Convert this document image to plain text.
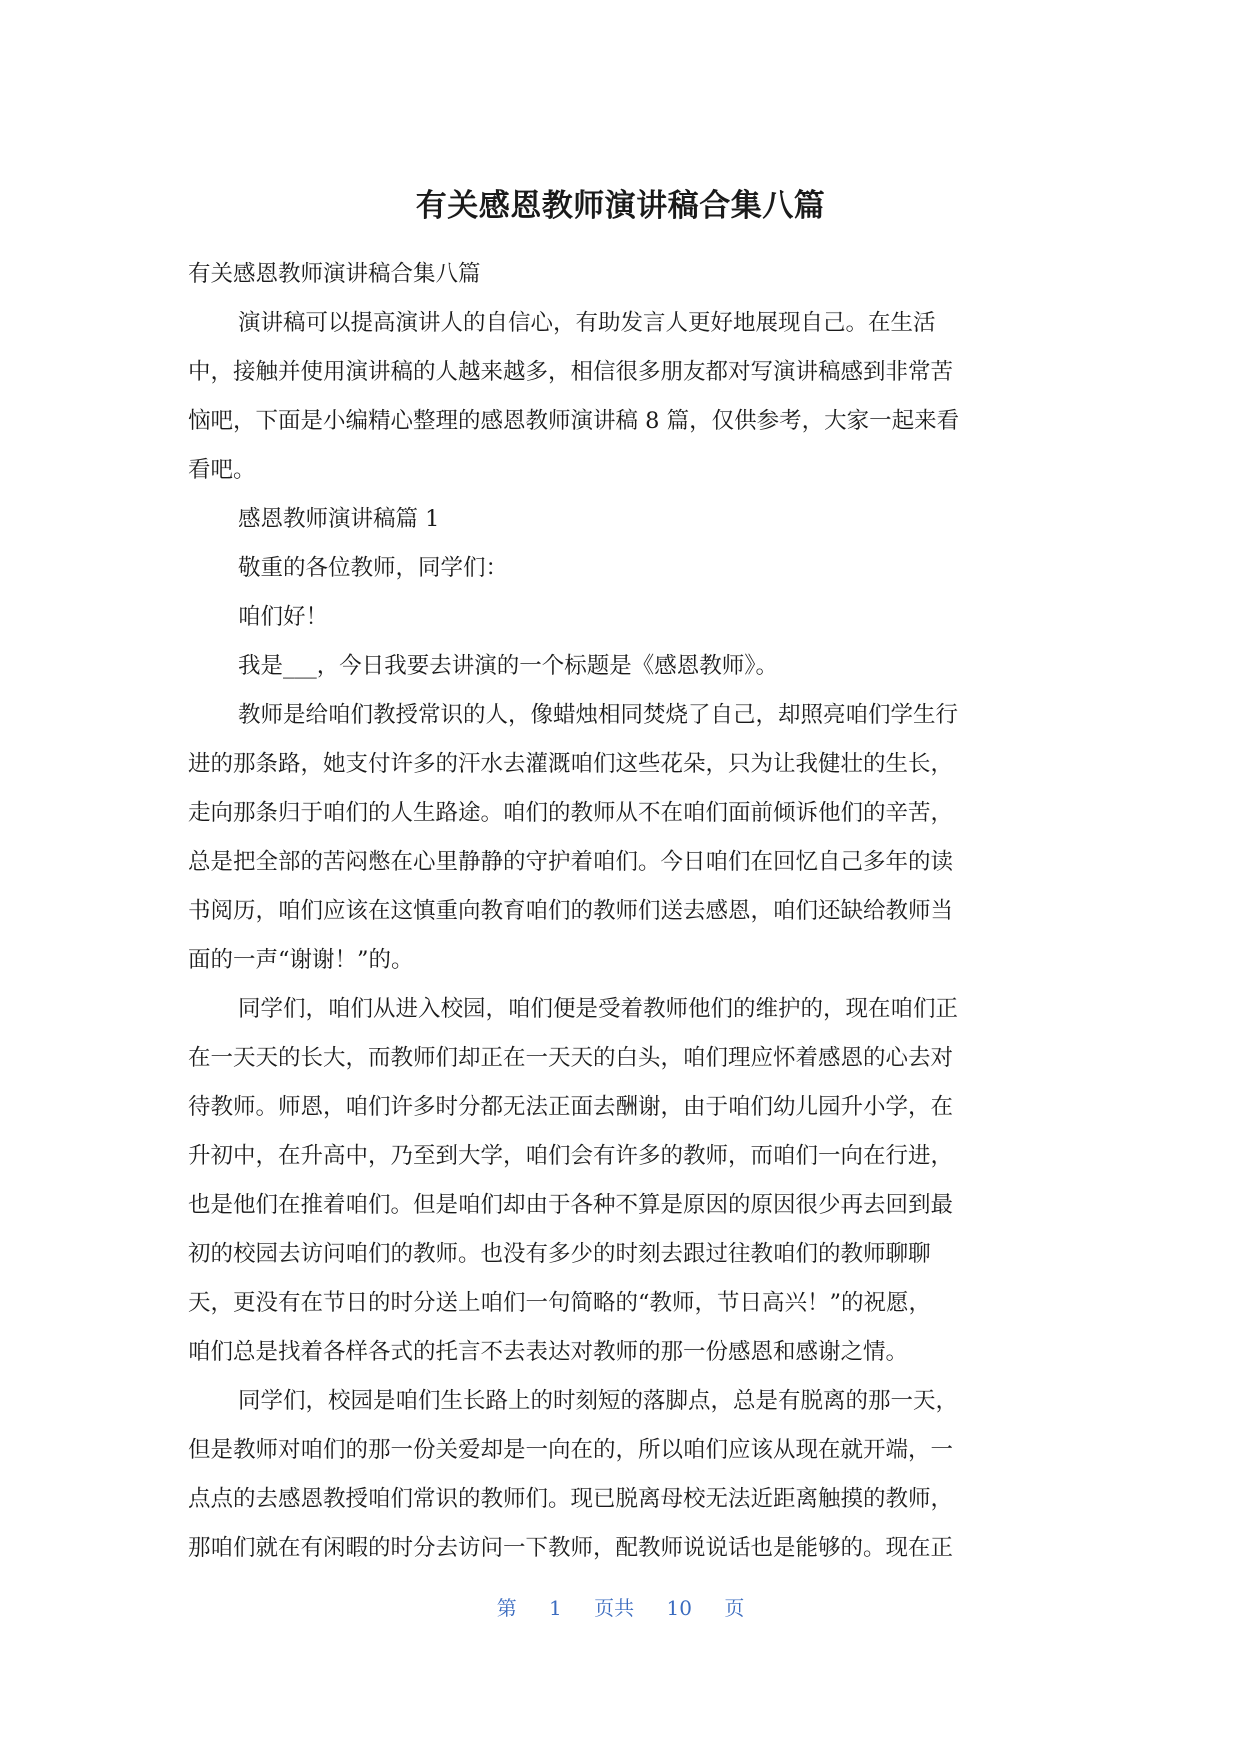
有关感恩教师演讲稿合集八篇
有关感恩教师演讲稿合集八篇
演讲稿可以提高演讲人的自信心，有助发言人更好地展现自己。在生活
中，接触并使用演讲稿的人越来越多，相信很多朋友都对写演讲稿感到非常苦
恼吧，下面是小编精心整理的感恩教师演讲稿 8 篇，仅供参考，大家一起来看
看吧。
感恩教师演讲稿篇 1
敬重的各位教师，同学们：
咱们好！
我是___，今日我要去讲演的一个标题是《感恩教师》。
教师是给咱们教授常识的人，像蜡烛相同焚烧了自己，却照亮咱们学生行
进的那条路，她支付许多的汗水去灌溉咱们这些花朵，只为让我健壮的生长，
走向那条归于咱们的人生路途。咱们的教师从不在咱们面前倾诉他们的辛苦，
总是把全部的苦闷憋在心里静静的守护着咱们。今日咱们在回忆自己多年的读
书阅历，咱们应该在这慎重向教育咱们的教师们送去感恩，咱们还缺给教师当
面的一声“谢谢！”的。
同学们，咱们从进入校园，咱们便是受着教师他们的维护的，现在咱们正
在一天天的长大，而教师们却正在一天天的白头，咱们理应怀着感恩的心去对
待教师。师恩，咱们许多时分都无法正面去酬谢，由于咱们幼儿园升小学，在
升初中，在升高中，乃至到大学，咱们会有许多的教师，而咱们一向在行进，
也是他们在推着咱们。但是咱们却由于各种不算是原因的原因很少再去回到最
初的校园去访问咱们的教师。也没有多少的时刻去跟过往教咱们的教师聊聊
天，更没有在节日的时分送上咱们一句简略的“教师，节日高兴！”的祝愿，
咱们总是找着各样各式的托言不去表达对教师的那一份感恩和感谢之情。
同学们，校园是咱们生长路上的时刻短的落脚点，总是有脱离的那一天，
但是教师对咱们的那一份关爱却是一向在的，所以咱们应该从现在就开端，一
点点的去感恩教授咱们常识的教师们。现已脱离母校无法近距离触摸的教师，
那咱们就在有闲暇的时分去访问一下教师，配教师说说话也是能够的。现在正
第 1 页共 10 页
